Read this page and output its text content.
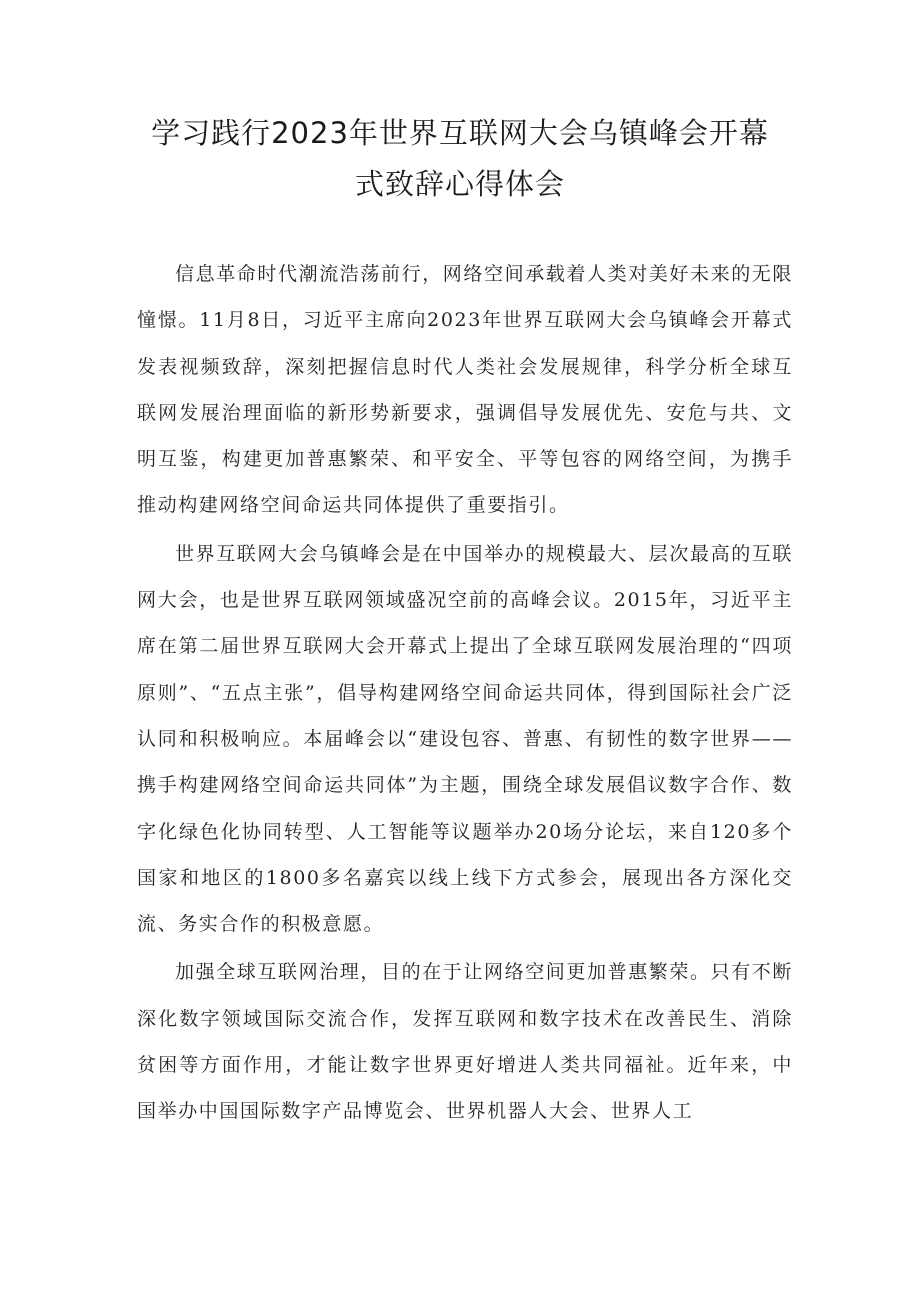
学习践行2023年世界互联网大会乌镇峰会开幕
式致辞心得体会

信息革命时代潮流浩荡前行，网络空间承载着人类对美好未来的无限憧憬。11月8日，习近平主席向2023年世界互联网大会乌镇峰会开幕式发表视频致辞，深刻把握信息时代人类社会发展规律，科学分析全球互联网发展治理面临的新形势新要求，强调倡导发展优先、安危与共、文明互鉴，构建更加普惠繁荣、和平安全、平等包容的网络空间，为携手推动构建网络空间命运共同体提供了重要指引。

世界互联网大会乌镇峰会是在中国举办的规模最大、层次最高的互联网大会，也是世界互联网领域盛况空前的高峰会议。2015年，习近平主席在第二届世界互联网大会开幕式上提出了全球互联网发展治理的“四项原则”、“五点主张”，倡导构建网络空间命运共同体，得到国际社会广泛认同和积极响应。本届峰会以“建设包容、普惠、有韧性的数字世界——携手构建网络空间命运共同体”为主题，围绕全球发展倡议数字合作、数字化绿色化协同转型、人工智能等议题举办20场分论坛，来自120多个国家和地区的1800多名嘉宾以线上线下方式参会，展现出各方深化交流、务实合作的积极意愿。

加强全球互联网治理，目的在于让网络空间更加普惠繁荣。只有不断深化数字领域国际交流合作，发挥互联网和数字技术在改善民生、消除贫困等方面作用，才能让数字世界更好增进人类共同福祉。近年来，中国举办中国国际数字产品博览会、世界机器人大会、世界人工
